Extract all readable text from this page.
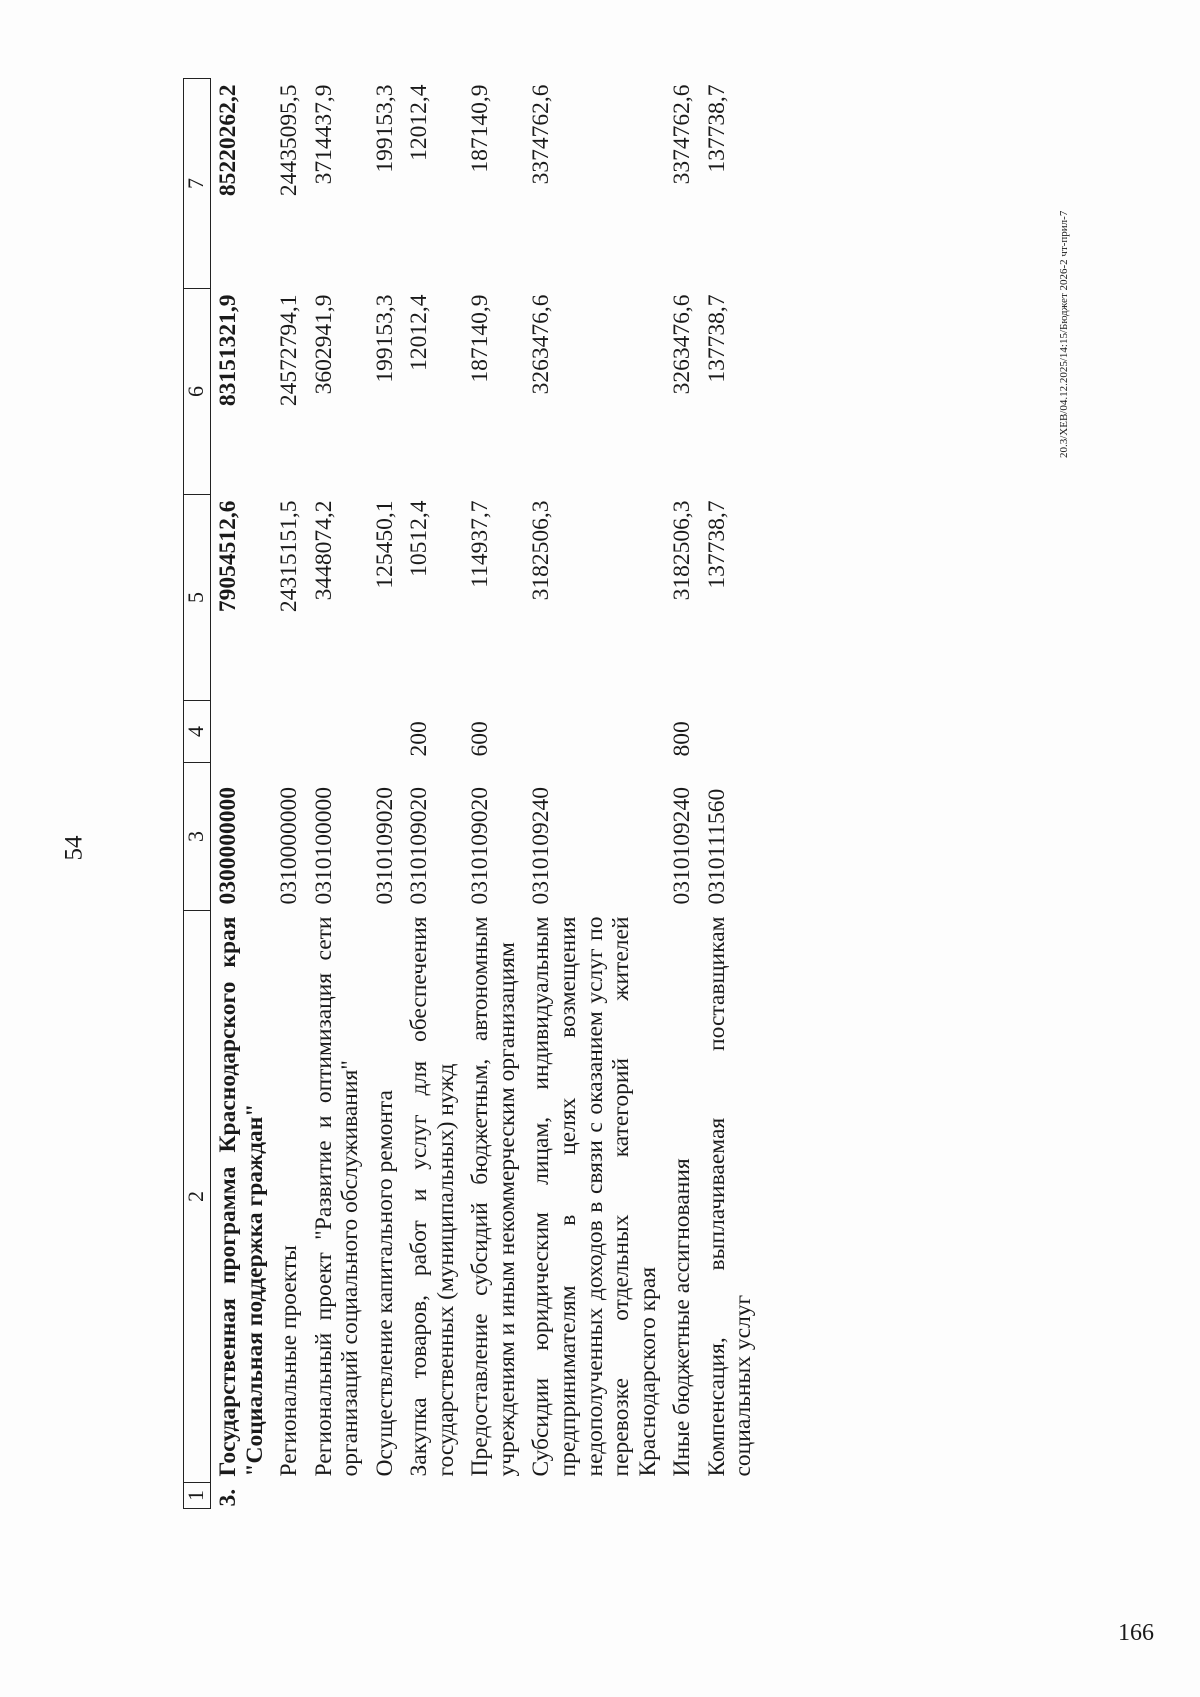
54
166
20.3/ХЕВ/04.12.2025/14:15/Бюджет 2026-2 чт-прил-7
1	2	3	4	5	6	7
3.	Государственная программа Краснодарского края "Социальная поддержка граждан"	0300000000		79054512,6	83151321,9	85220262,2
	Региональные проекты	0310000000		24315151,5	24572794,1	24435095,5
	Региональный проект "Развитие и оптимизация сети организаций социального обслуживания"	0310100000		3448074,2	3602941,9	3714437,9
	Осуществление капитального ремонта	0310109020		125450,1	199153,3	199153,3
	Закупка товаров, работ и услуг для обеспечения государственных (муниципальных) нужд	0310109020	200	10512,4	12012,4	12012,4
	Предоставление субсидий бюджетным, автономным учреждениям и иным некоммерческим организациям	0310109020	600	114937,7	187140,9	187140,9
	Субсидии юридическим лицам, индивидуальным предпринимателям в целях возмещения недополученных доходов в связи с оказанием услуг по перевозке отдельных категорий жителей Краснодарского края	0310109240		3182506,3	3263476,6	3374762,6
	Иные бюджетные ассигнования	0310109240	800	3182506,3	3263476,6	3374762,6
	Компенсация, выплачиваемая поставщикам социальных услуг	0310111560		137738,7	137738,7	137738,7
